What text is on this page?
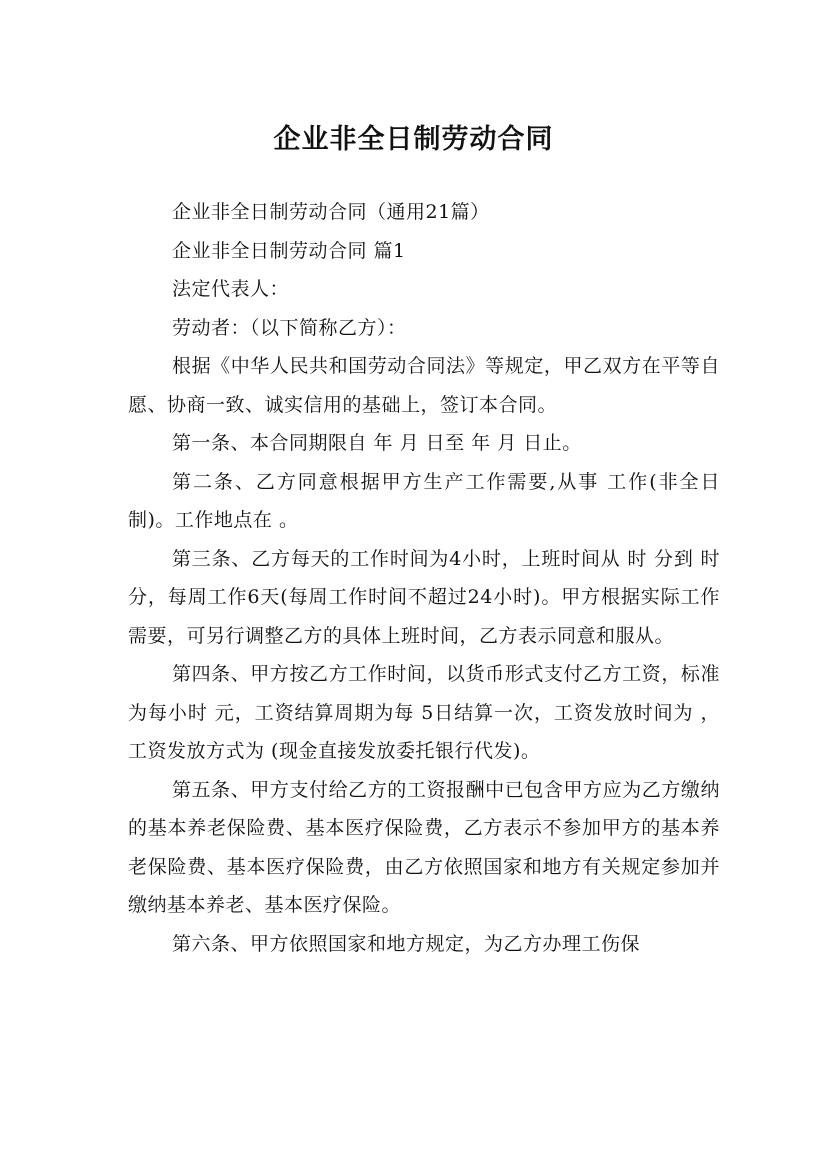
企业非全日制劳动合同

企业非全日制劳动合同（通用21篇）

企业非全日制劳动合同 篇1

法定代表人：

劳动者：（以下简称乙方）：

根据《中华人民共和国劳动合同法》等规定，甲乙双方在平等自愿、协商一致、诚实信用的基础上，签订本合同。

第一条、本合同期限自 年 月 日至 年 月 日止。

第二条、乙方同意根据甲方生产工作需要,从事 工作(非全日制)。工作地点在 。

第三条、乙方每天的工作时间为4小时，上班时间从 时 分到 时 分，每周工作6天(每周工作时间不超过24小时)。甲方根据实际工作需要，可另行调整乙方的具体上班时间，乙方表示同意和服从。

第四条、甲方按乙方工作时间，以货币形式支付乙方工资，标准为每小时 元，工资结算周期为每 5日结算一次，工资发放时间为 ，工资发放方式为 (现金直接发放委托银行代发)。

第五条、甲方支付给乙方的工资报酬中已包含甲方应为乙方缴纳的基本养老保险费、基本医疗保险费，乙方表示不参加甲方的基本养老保险费、基本医疗保险费，由乙方依照国家和地方有关规定参加并缴纳基本养老、基本医疗保险。

第六条、甲方依照国家和地方规定，为乙方办理工伤保
